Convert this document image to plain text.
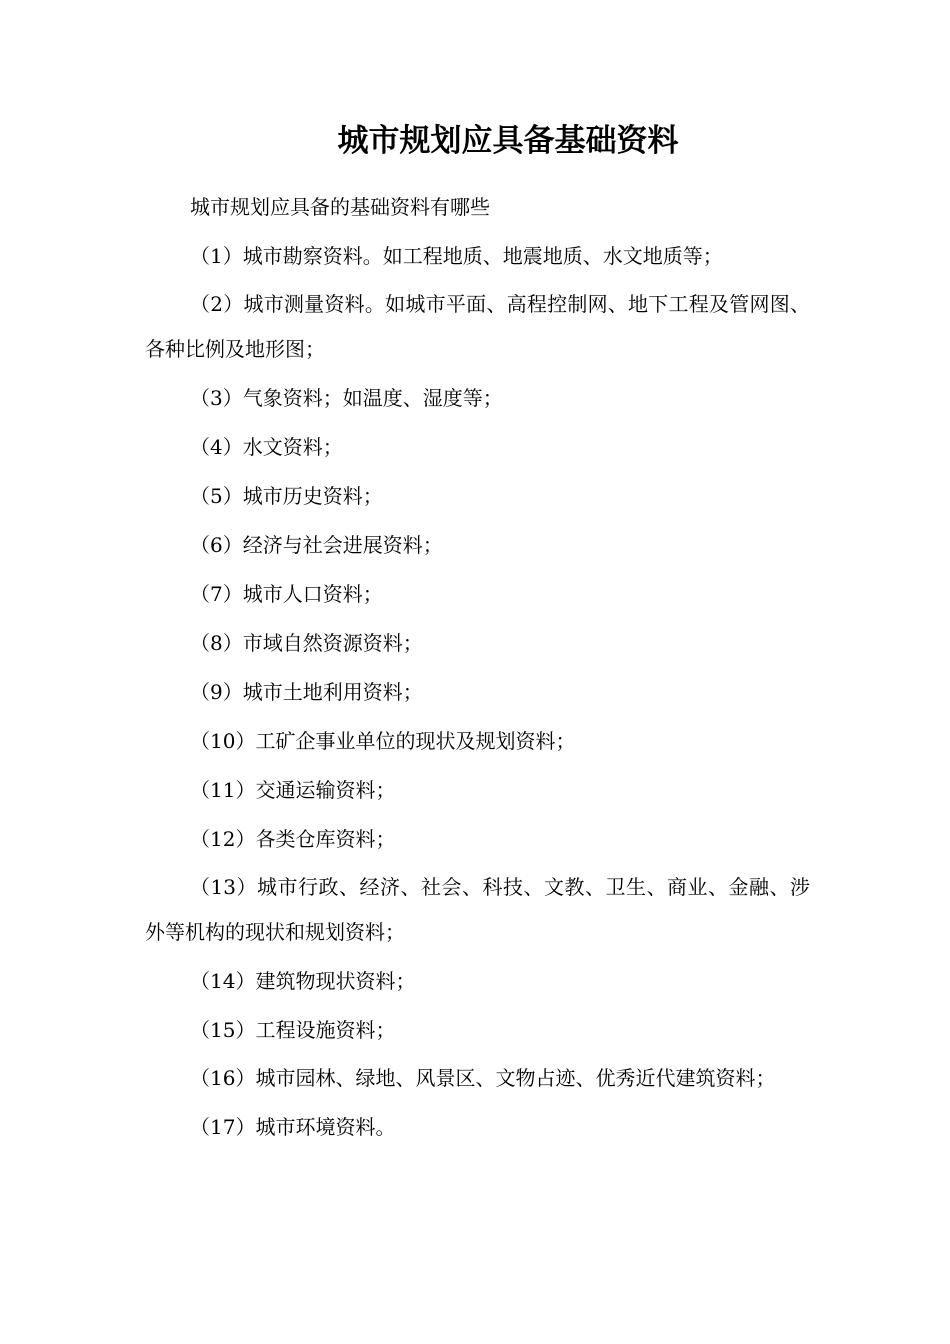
城市规划应具备基础资料

城市规划应具备的基础资料有哪些

（1）城市勘察资料。如工程地质、地震地质、水文地质等；

（2）城市测量资料。如城市平面、高程控制网、地下工程及管网图、各种比例及地形图；

（3）气象资料；如温度、湿度等；

（4）水文资料；

（5）城市历史资料；

（6）经济与社会进展资料；

（7）城市人口资料；

（8）市域自然资源资料；

（9）城市土地利用资料；

（10）工矿企事业单位的现状及规划资料；

（11）交通运输资料；

（12）各类仓库资料；

（13）城市行政、经济、社会、科技、文教、卫生、商业、金融、涉外等机构的现状和规划资料；

（14）建筑物现状资料；

（15）工程设施资料；

（16）城市园林、绿地、风景区、文物占迹、优秀近代建筑资料；

（17）城市环境资料。
